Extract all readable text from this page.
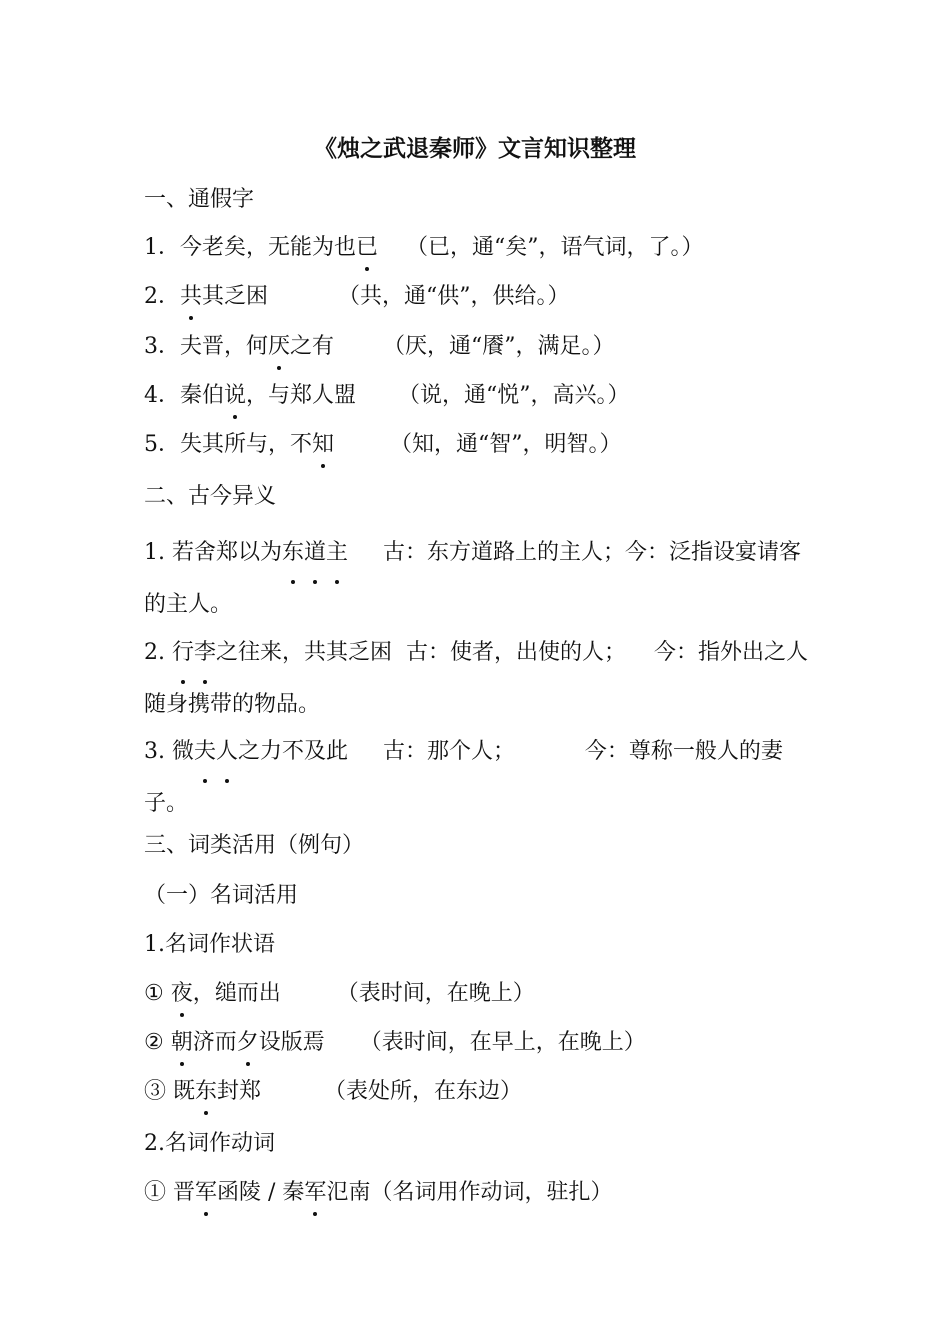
《烛之武退秦师》文言知识整理
一、通假字
1．今老矣，无能为也已 （已，通“矣”，语气词，了。）
2．共其乏困	（共，通“供”，供给。）
3．夫晋，何厌之有 （厌，通“餍”，满足。）
4．秦伯说，与郑人盟 （说，通“悦”，高兴。）
5．失其所与，不知	（知，通“智”，明智。）
二、古今异义
1. 若舍郑以为东道主 古：东方道路上的主人；今：泛指设宴请客的主人。
2. 行李之往来，共其乏困 古：使者，出使的人；    今：指外出之人随身携带的物品。
3. 微夫人之力不及此 古：那个人；          今：尊称一般人的妻子。
三、词类活用（例句）
（一）名词活用
1.名词作状语
① 夜，缒而出	（表时间，在晚上）
② 朝济而夕设版焉 （表时间，在早上，在晚上）
③ 既东封郑	（表处所，在东边）
2.名词作动词
① 晋军函陵 / 秦军氾南（名词用作动词，驻扎）
